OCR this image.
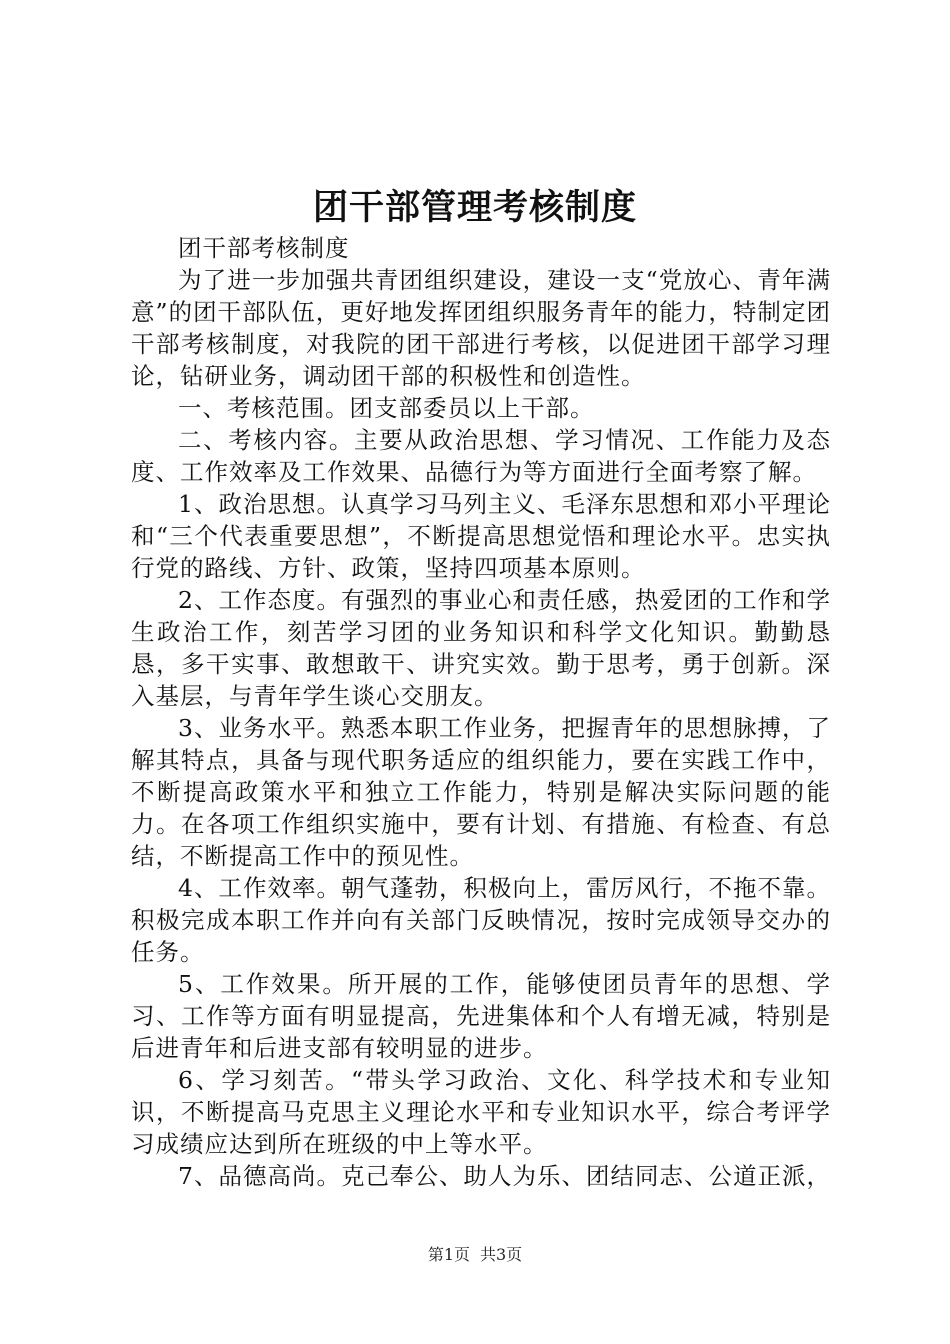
团干部管理考核制度

团干部考核制度

为了进一步加强共青团组织建设，建设一支“党放心、青年满意”的团干部队伍，更好地发挥团组织服务青年的能力，特制定团干部考核制度，对我院的团干部进行考核，以促进团干部学习理论，钻研业务，调动团干部的积极性和创造性。

一、考核范围。团支部委员以上干部。

二、考核内容。主要从政治思想、学习情况、工作能力及态度、工作效率及工作效果、品德行为等方面进行全面考察了解。

1、政治思想。认真学习马列主义、毛泽东思想和邓小平理论和“三个代表重要思想”，不断提高思想觉悟和理论水平。忠实执行党的路线、方针、政策，坚持四项基本原则。

2、工作态度。有强烈的事业心和责任感，热爱团的工作和学生政治工作，刻苦学习团的业务知识和科学文化知识。勤勤恳恳，多干实事、敢想敢干、讲究实效。勤于思考，勇于创新。深入基层，与青年学生谈心交朋友。

3、业务水平。熟悉本职工作业务，把握青年的思想脉搏，了解其特点，具备与现代职务适应的组织能力，要在实践工作中，不断提高政策水平和独立工作能力，特别是解决实际问题的能力。在各项工作组织实施中，要有计划、有措施、有检查、有总结，不断提高工作中的预见性。

4、工作效率。朝气蓬勃，积极向上，雷厉风行，不拖不靠。积极完成本职工作并向有关部门反映情况，按时完成领导交办的任务。

5、工作效果。所开展的工作，能够使团员青年的思想、学习、工作等方面有明显提高，先进集体和个人有增无减，特别是后进青年和后进支部有较明显的进步。

6、学习刻苦。“带头学习政治、文化、科学技术和专业知识，不断提高马克思主义理论水平和专业知识水平，综合考评学习成绩应达到所在班级的中上等水平。

7、品德高尚。克己奉公、助人为乐、团结同志、公道正派，

第1页 共3页
